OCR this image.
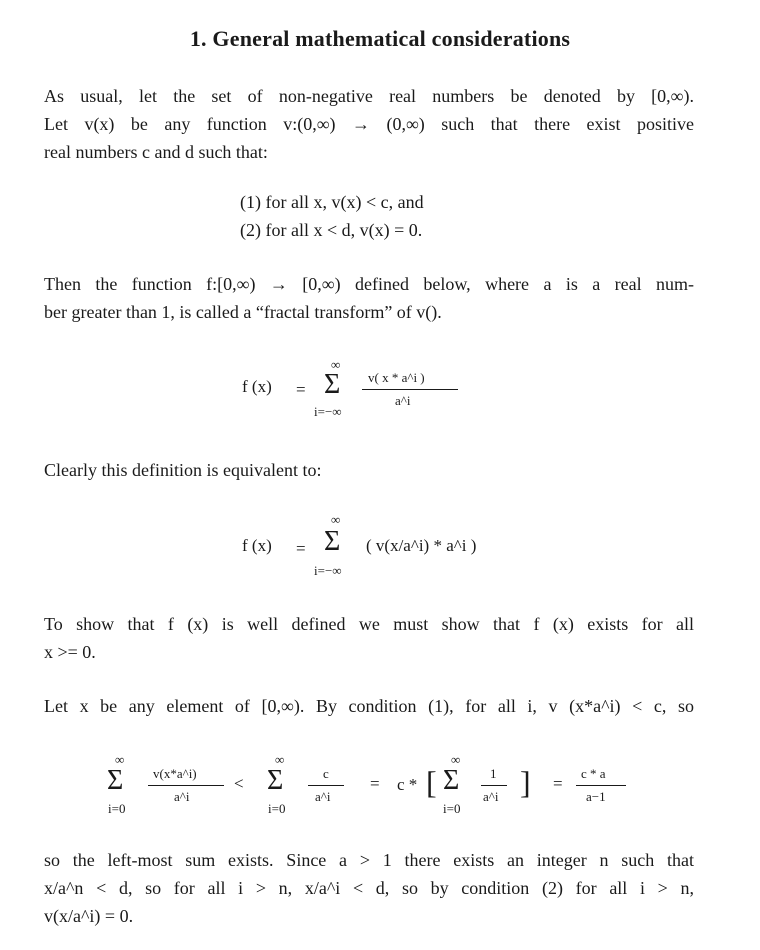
1. General mathematical considerations
As usual, let the set of non-negative real numbers be denoted by [0,∞).
Let v(x) be any function v:(0,∞) → (0,∞) such that there exist positive
real numbers c and d such that:
(1) for all x, v(x) < c, and
(2) for all x < d, v(x) = 0.
Then the function f:[0,∞) → [0,∞) defined below, where a is a real num-
ber greater than 1, is called a “fractal transform” of v().
f (x) =
∞
Σ
i=−∞
v( x * a^i )
a^i
Clearly this definition is equivalent to:
f (x) =
∞
Σ
i=−∞
( v(x/a^i) * a^i )
To show that f (x) is well defined we must show that f (x) exists for all
x >= 0.
Let x be any element of [0,∞). By condition (1), for all i, v (x*a^i) < c, so
∞
Σ
i=0
v(x*a^i)
a^i
<
∞
Σ
i=0
c
a^i
= c * [
∞
Σ
i=0
1
a^i ] =
c * a
a−1
so the left-most sum exists. Since a > 1 there exists an integer n such that
x/a^n < d, so for all i > n, x/a^i < d, so by condition (2) for all i > n,
v(x/a^i) = 0.
